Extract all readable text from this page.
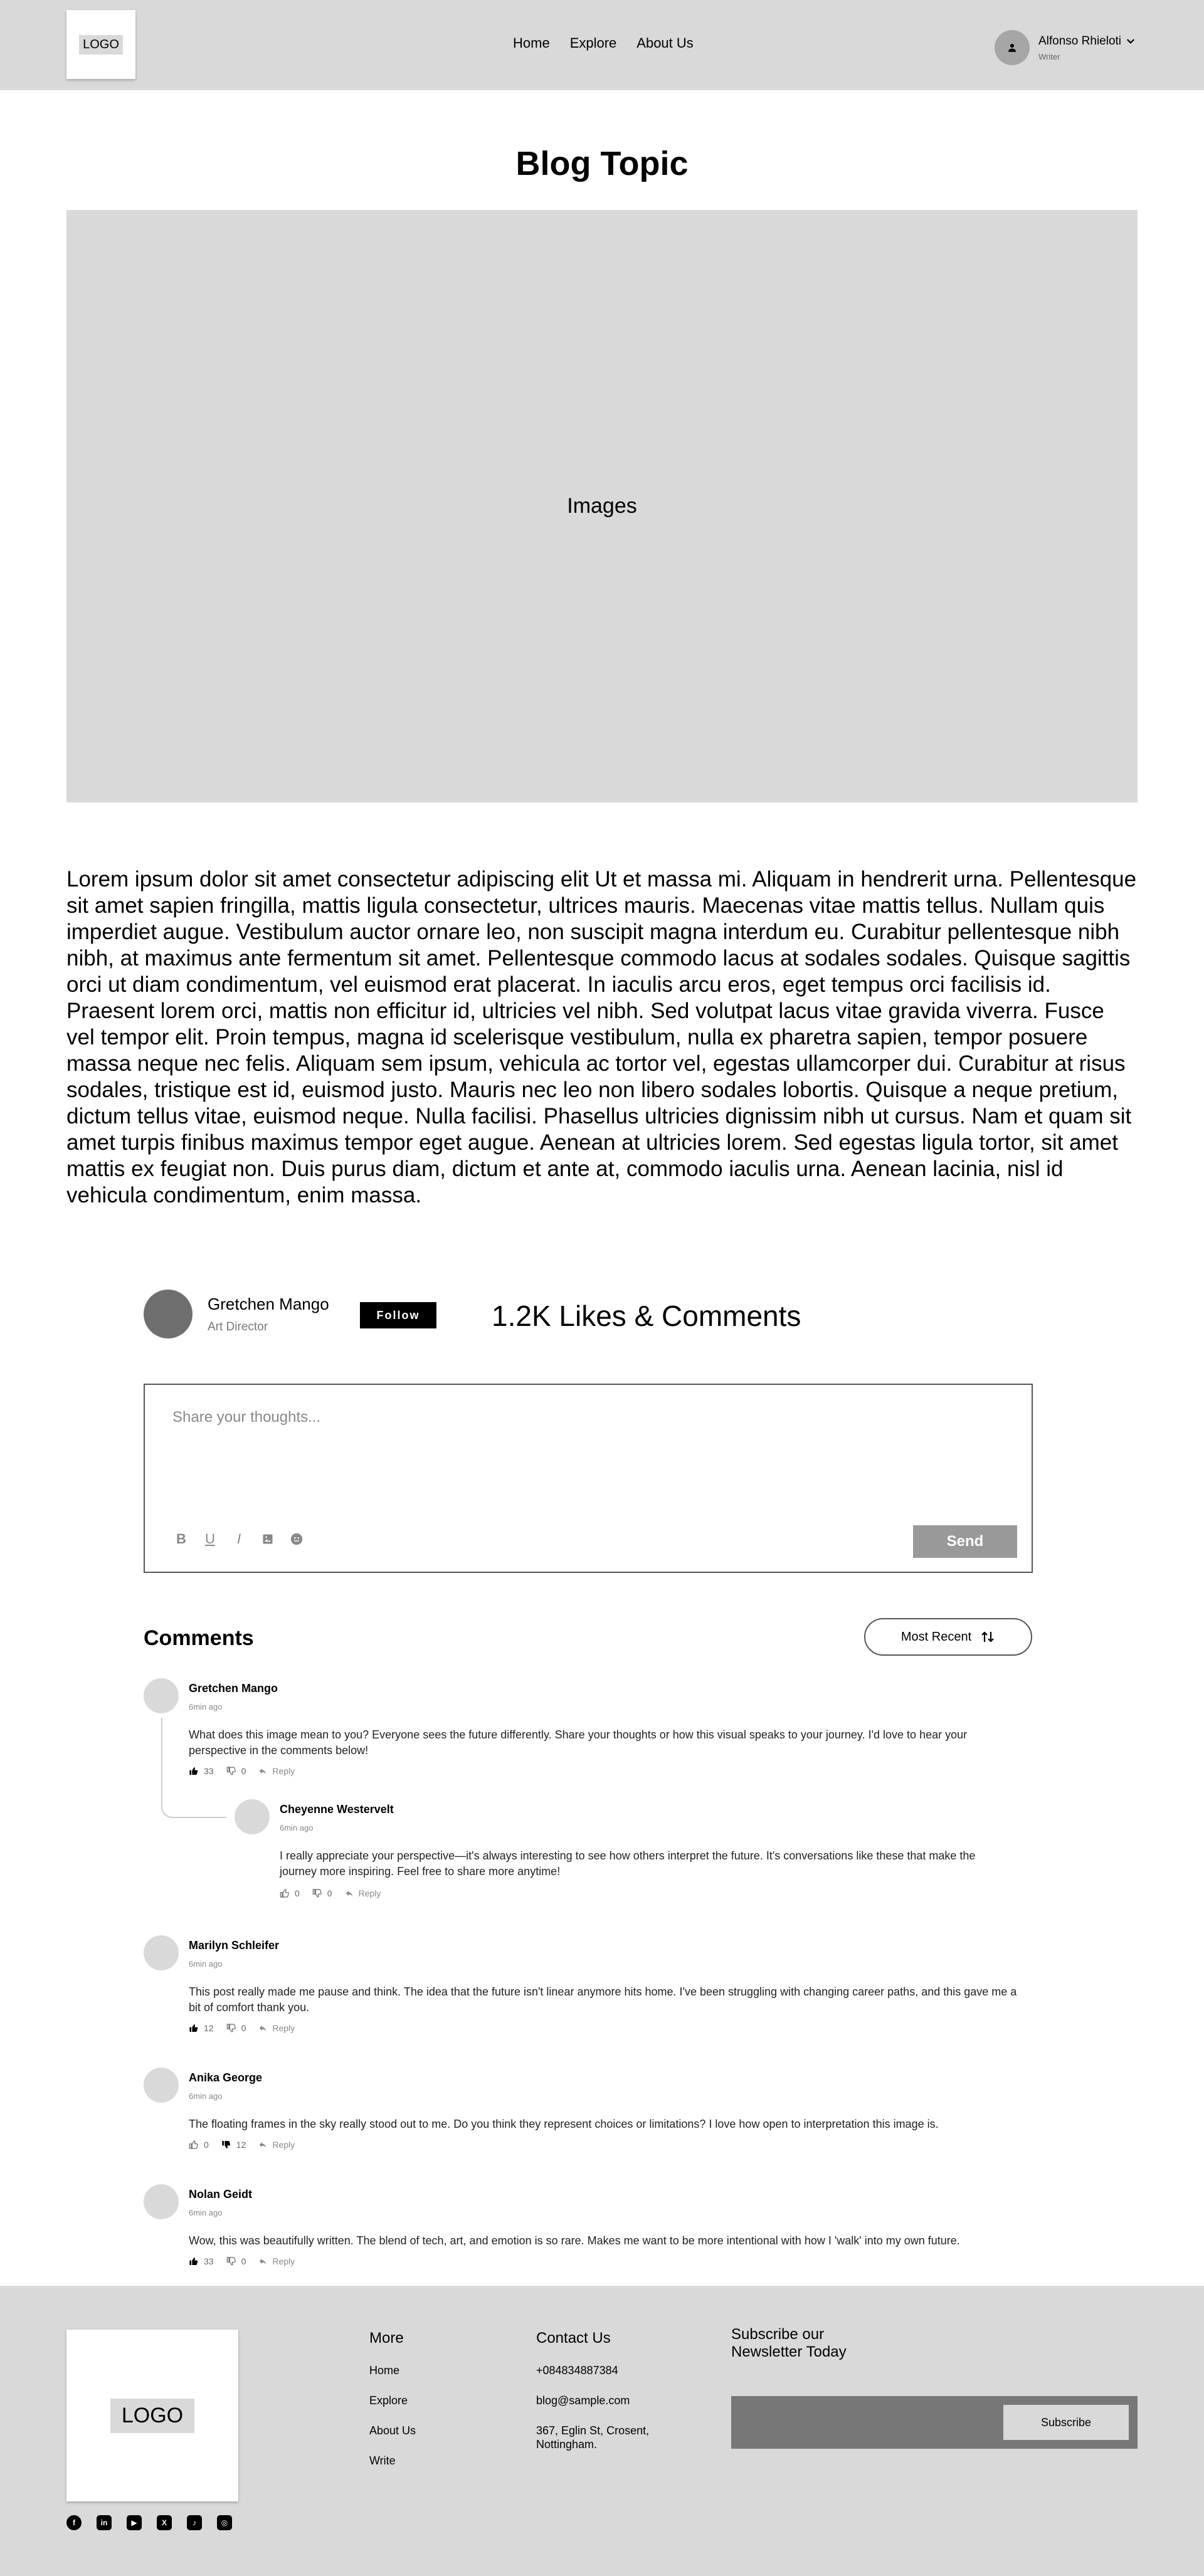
LOGO	Home Explore About Us	Alfonso Rhieloti
Writer
Blog Topic
Images

Lorem ipsum dolor sit amet consectetur adipiscing elit Ut et massa mi. Aliquam in hendrerit urna. Pellentesque sit amet sapien fringilla, mattis ligula consectetur, ultrices mauris. Maecenas vitae mattis tellus. Nullam quis imperdiet augue. Vestibulum auctor ornare leo, non suscipit magna interdum eu. Curabitur pellentesque nibh nibh, at maximus ante fermentum sit amet. Pellentesque commodo lacus at sodales sodales. Quisque sagittis orci ut diam condimentum, vel euismod erat placerat. In iaculis arcu eros, eget tempus orci facilisis id. Praesent lorem orci, mattis non efficitur id, ultricies vel nibh. Sed volutpat lacus vitae gravida viverra. Fusce vel tempor elit. Proin tempus, magna id scelerisque vestibulum, nulla ex pharetra sapien, tempor posuere massa neque nec felis. Aliquam sem ipsum, vehicula ac tortor vel, egestas ullamcorper dui. Curabitur at risus sodales, tristique est id, euismod justo. Mauris nec leo non libero sodales lobortis. Quisque a neque pretium, dictum tellus vitae, euismod neque. Nulla facilisi. Phasellus ultricies dignissim nibh ut cursus. Nam et quam sit amet turpis finibus maximus tempor eget augue. Aenean at ultricies lorem. Sed egestas ligula tortor, sit amet mattis ex feugiat non. Duis purus diam, dictum et ante at, commodo iaculis urna. Aenean lacinia, nisl id vehicula condimentum, enim massa.

Gretchen Mango
Art Director
Follow	1.2K Likes & Comments
Share your thoughts...
B U I	Send
Comments	Most Recent
Gretchen Mango
6min ago
What does this image mean to you? Everyone sees the future differently. Share your thoughts or how this visual speaks to your journey. I'd love to hear your perspective in the comments below!
33	0	Reply
Cheyenne Westervelt
6min ago
I really appreciate your perspective—it's always interesting to see how others interpret the future. It's conversations like these that make the journey more inspiring. Feel free to share more anytime!
0	0	Reply
Marilyn Schleifer
6min ago
This post really made me pause and think. The idea that the future isn't linear anymore hits home. I've been struggling with changing career paths, and this gave me a bit of comfort thank you.
12	0	Reply
Anika George
6min ago
The floating frames in the sky really stood out to me. Do you think they represent choices or limitations? I love how open to interpretation this image is.
0	12	Reply
Nolan Geidt
6min ago
Wow, this was beautifully written. The blend of tech, art, and emotion is so rare. Makes me want to be more intentional with how I 'walk' into my own future.
33	0	Reply
LOGO
f	in	▶	X	♪	◎
More
Home
Explore
About Us
Write
Contact Us
+084834887384
blog@sample.com
367, Eglin St, Crosent, Nottingham.
Subscribe our Newsletter Today
Subscribe
